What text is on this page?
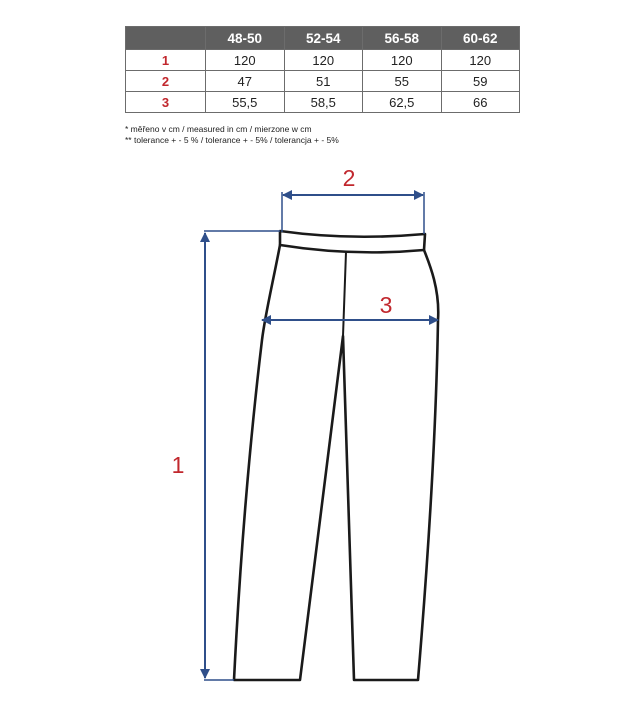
	48-50	52-54	56-58	60-62
1	120	120	120	120
2	47	51	55	59
3	55,5	58,5	62,5	66
* měřeno v cm / measured in cm / mierzone w cm
** tolerance + - 5 % / tolerance + - 5% / tolerancja + - 5%
2
3
1
